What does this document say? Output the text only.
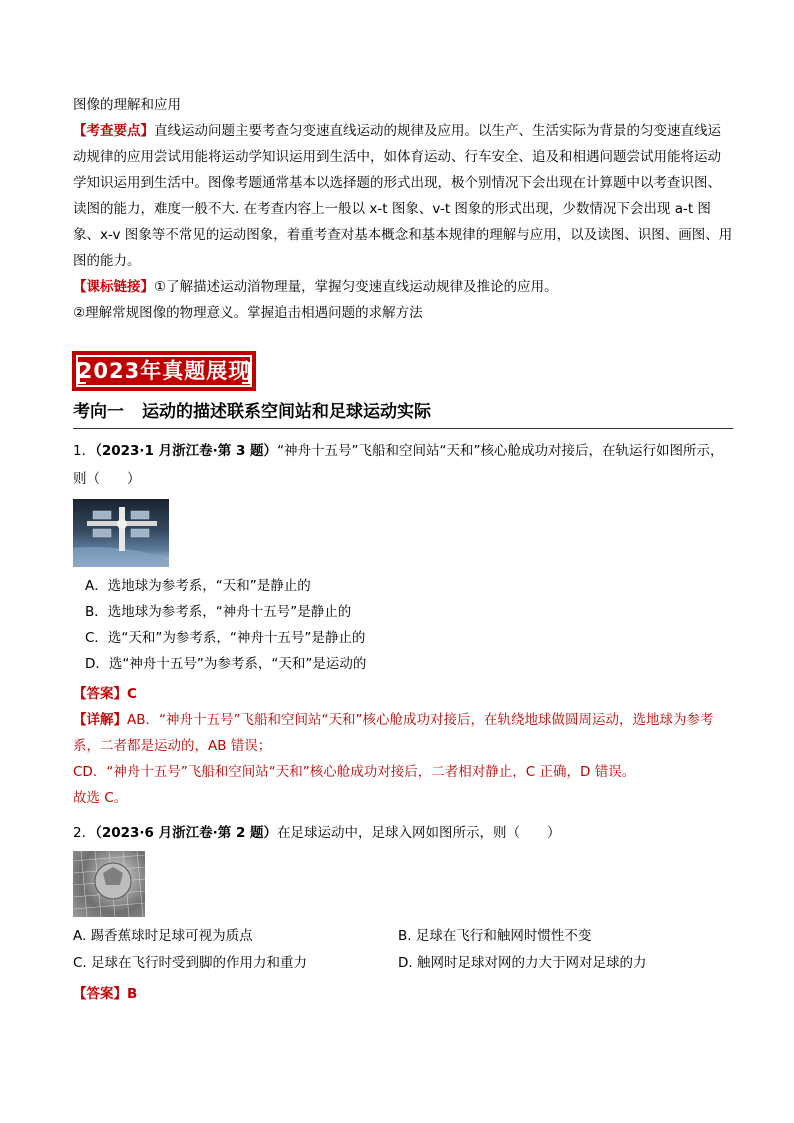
图像的理解和应用

【考查要点】直线运动问题主要考查匀变速直线运动的规律及应用。以生产、生活实际为背景的匀变速直线运动规律的应用尝试用能将运动学知识运用到生活中，如体育运动、行车安全、追及和相遇问题尝试用能将运动学知识运用到生活中。图像考题通常基本以选择题的形式出现，极个别情况下会出现在计算题中以考查识图、读图的能力，难度一般不大. 在考查内容上一般以 x-t 图象、v-t 图象的形式出现，少数情况下会出现 a-t 图象、x-v 图象等不常见的运动图象，着重考查对基本概念和基本规律的理解与应用，以及读图、识图、画图、用图的能力。

【课标链接】①了解描述运动渞物理量，掌握匀变速直线运动规律及推论的应用。

②理解常规图像的物理意义。掌握追击相遇问题的求解方法

2023年真题展现
考向一 运动的描述联系空间站和足球运动实际

1．（2023·1 月浙江卷·第 3 题）“神舟十五号”飞船和空间站“天和”核心舱成功对接后，在轨运行如图所示，则（　　）

A．选地球为参考系，“天和”是静止的

B．选地球为参考系，“神舟十五号”是静止的

C．选“天和”为参考系，“神舟十五号”是静止的

D．选“神舟十五号”为参考系，“天和”是运动的

【答案】C

【详解】AB．“神舟十五号”飞船和空间站“天和”核心舱成功对接后，在轨绕地球做圆周运动，选地球为参考系，二者都是运动的，AB 错误；

CD．“神舟十五号”飞船和空间站“天和”核心舱成功对接后，二者相对静止，C 正确，D 错误。

故选 C。

2．（2023·6 月浙江卷·第 2 题）在足球运动中，足球入网如图所示，则（　　）

A. 踢香蕉球时足球可视为质点	B. 足球在飞行和触网时惯性不变
C. 足球在飞行时受到脚的作用力和重力	D. 触网时足球对网的力大于网对足球的力

【答案】B
